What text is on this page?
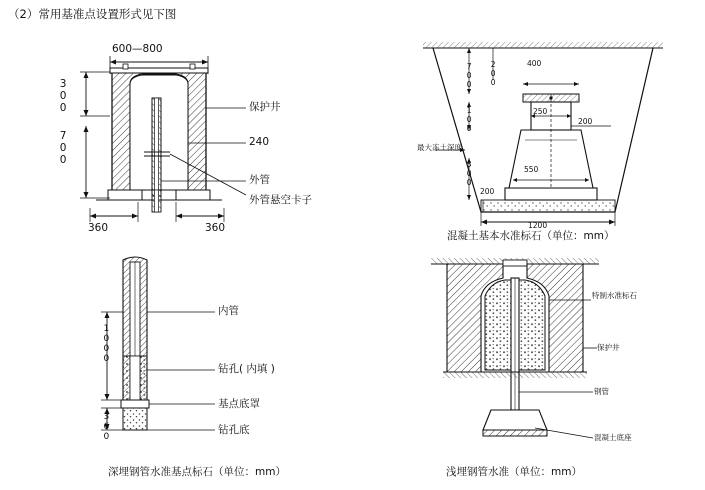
（2）常用基准点设置形式见下图
600—800
300
700
360	360
保护井
240
外管
外管悬空卡子
1000
360
内管
钻孔( 内填 )
基点底罩
钻孔底
深埋钢管水准基点标石（单位：mm）
400
250
200
550
1200
700 200
100
500
200
最大冻土深度
混凝土基本水准标石（单位：mm）
特制水准标石
保护井
钢管
混凝土底座
浅埋钢管水准（单位：mm）
